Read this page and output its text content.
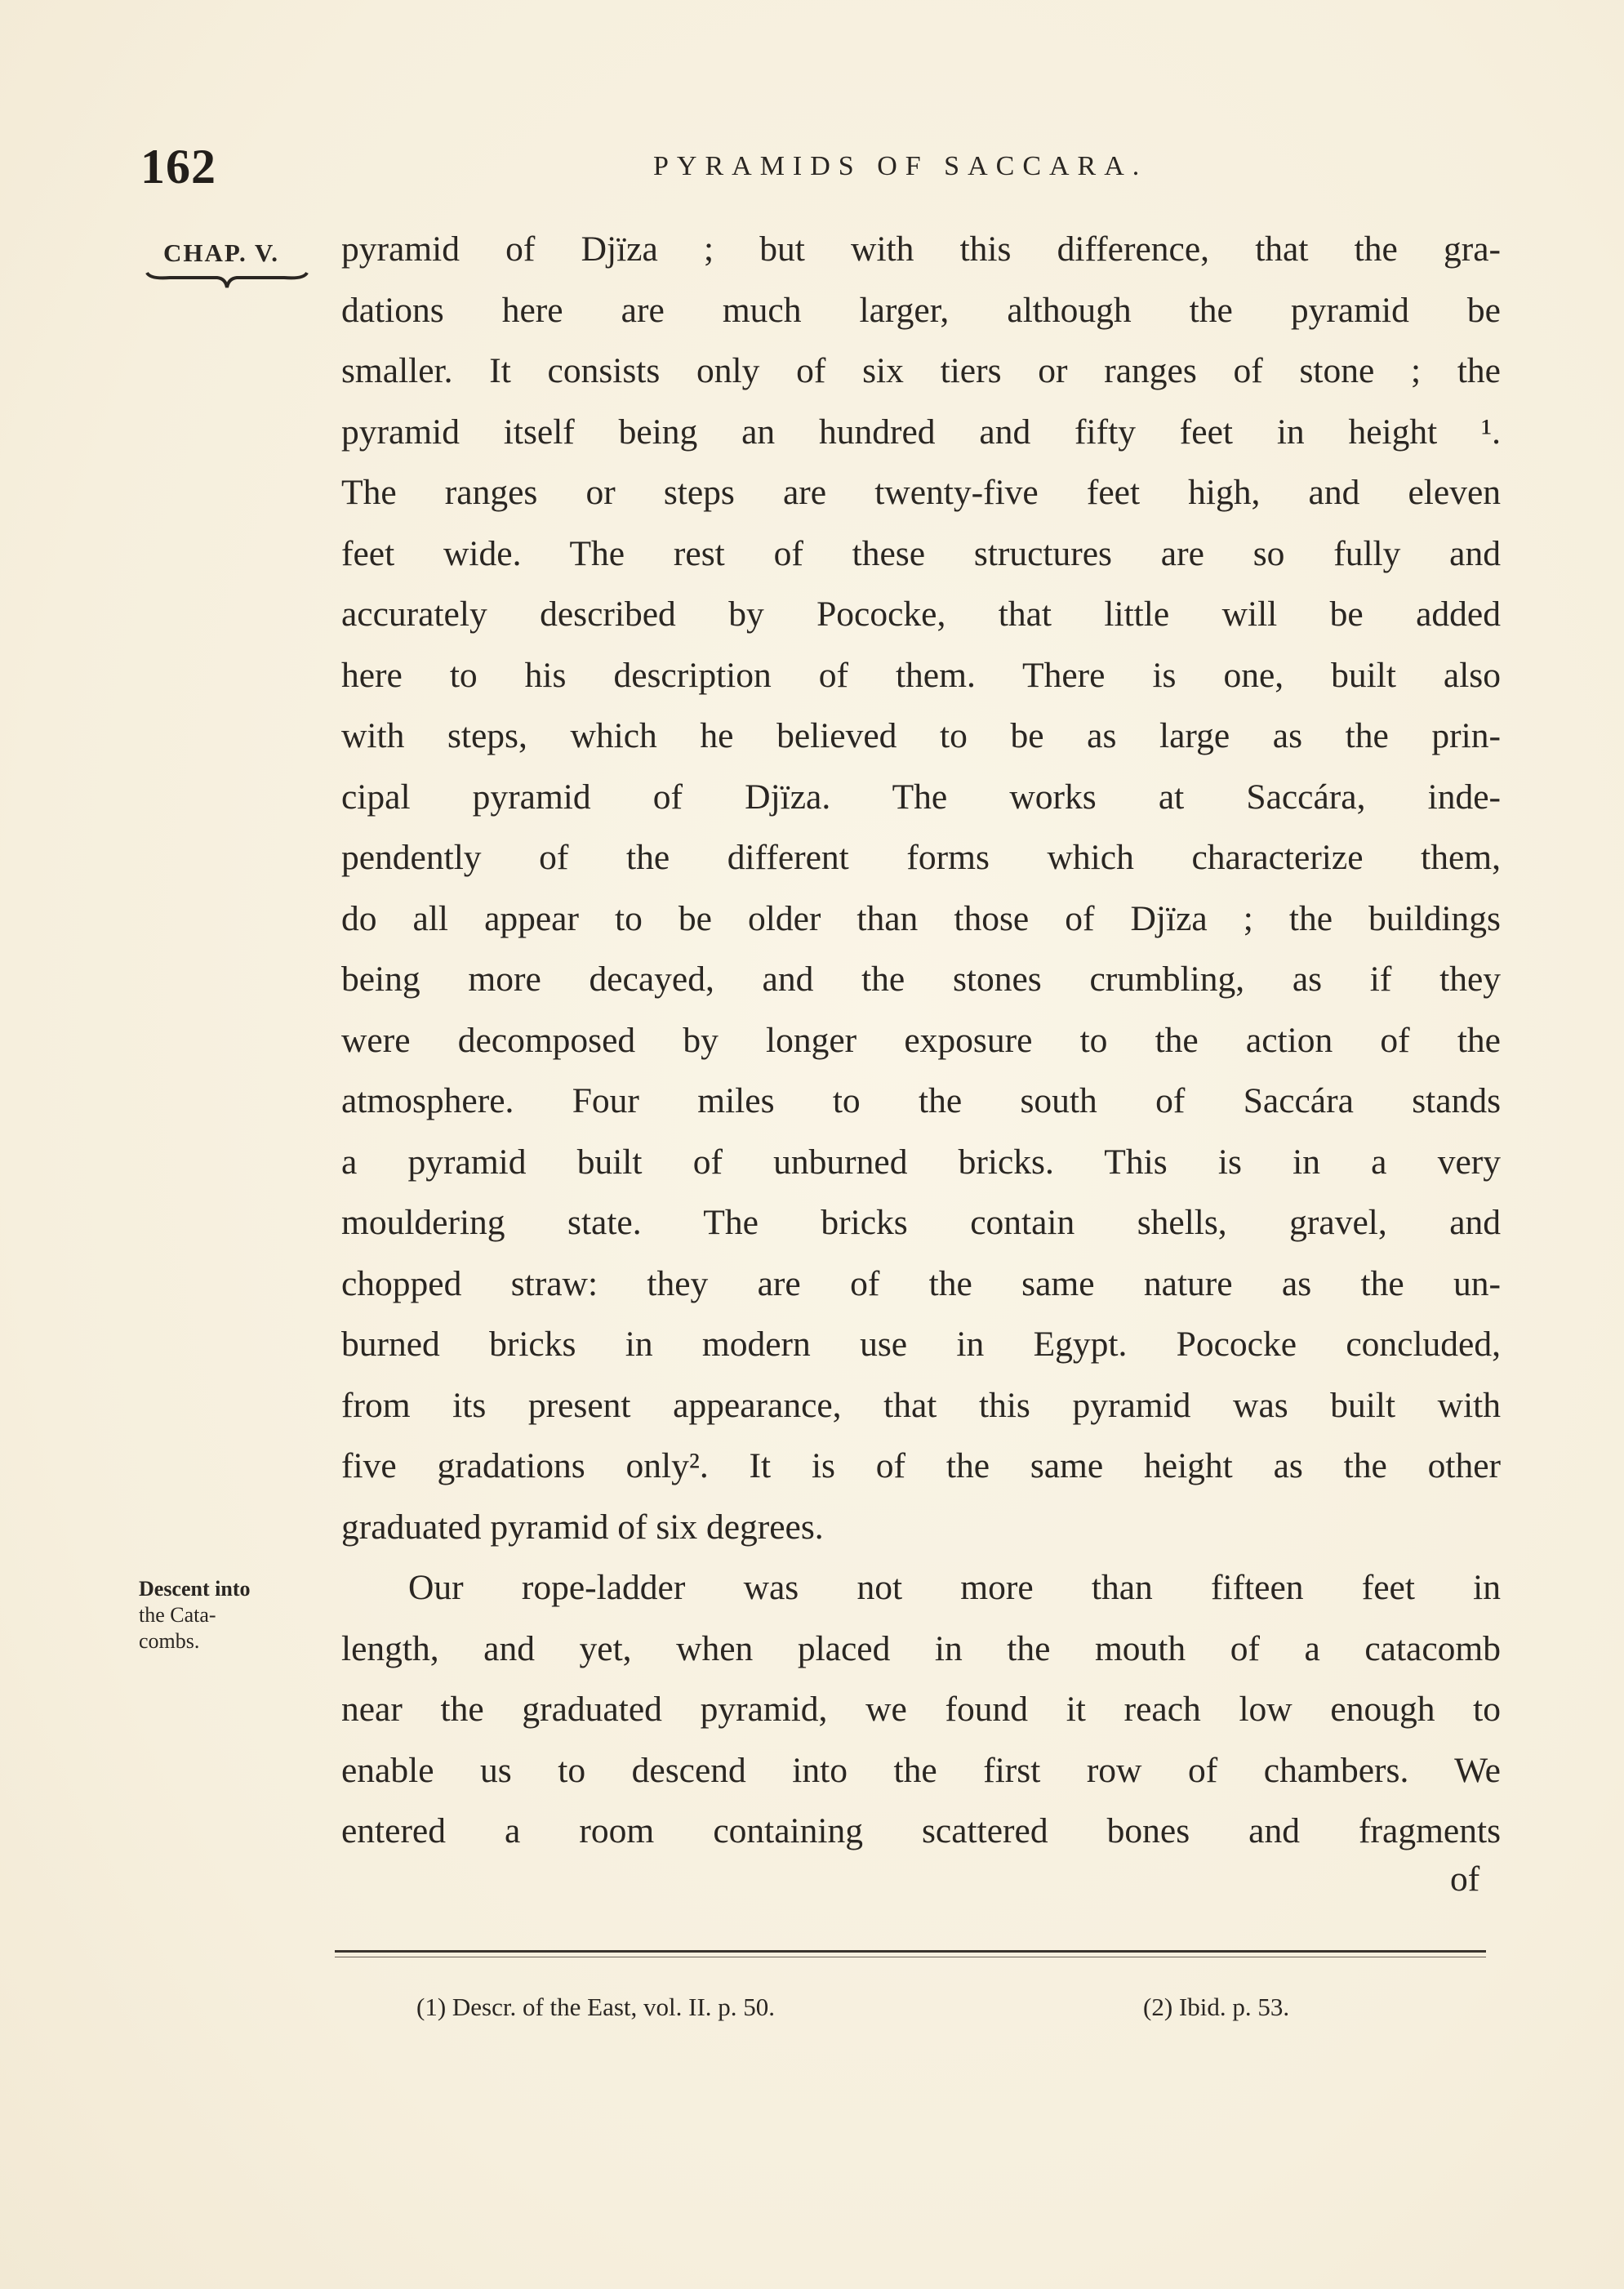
162	PYRAMIDS OF SACCARA.
CHAP. V. pyramid of Djïza ; but with this difference, that the gra-
dations here are much larger, although the pyramid be
smaller. It consists only of six tiers or ranges of stone ; the
pyramid itself being an hundred and fifty feet in height ¹.
The ranges or steps are twenty-five feet high, and eleven
feet wide. The rest of these structures are so fully and
accurately described by Pococke, that little will be added
here to his description of them. There is one, built also
with steps, which he believed to be as large as the prin-
cipal pyramid of Djïza. The works at Saccára, inde-
pendently of the different forms which characterize them,
do all appear to be older than those of Djïza ; the buildings
being more decayed, and the stones crumbling, as if they
were decomposed by longer exposure to the action of the
atmosphere. Four miles to the south of Saccára stands
a pyramid built of unburned bricks. This is in a very
mouldering state. The bricks contain shells, gravel, and
chopped straw: they are of the same nature as the un-
burned bricks in modern use in Egypt. Pococke concluded,
from its present appearance, that this pyramid was built with
five gradations only². It is of the same height as the other
graduated pyramid of six degrees.
Our rope-ladder was not more than fifteen feet in
length, and yet, when placed in the mouth of a catacomb
near the graduated pyramid, we found it reach low enough to
enable us to descend into the first row of chambers. We
entered a room containing scattered bones and fragments
of
Descent into
the Cata-
combs.
(1) Descr. of the East, vol. II. p. 50.	(2) Ibid. p. 53.
